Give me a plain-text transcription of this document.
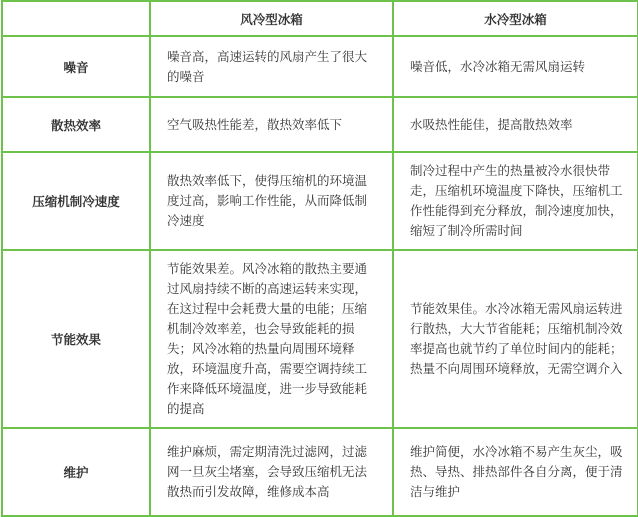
	风冷型冰箱	水冷型冰箱
噪音	噪音高，高速运转的风扇产生了很大的噪音	噪音低，水冷冰箱无需风扇运转
散热效率	空气吸热性能差，散热效率低下	水吸热性能佳，提高散热效率
压缩机制冷速度	散热效率低下，使得压缩机的环境温度过高，影响工作性能，从而降低制冷速度	制冷过程中产生的热量被冷水很快带走，压缩机环境温度下降快，压缩机工作性能得到充分释放，制冷速度加快，缩短了制冷所需时间
节能效果	节能效果差。风冷冰箱的散热主要通过风扇持续不断的高速运转来实现，在这过程中会耗费大量的电能；压缩机制冷效率差，也会导致能耗的损失；风冷冰箱的热量向周围环境释放，环境温度升高，需要空调持续工作来降低环境温度，进一步导致能耗的提高	节能效果佳。水冷冰箱无需风扇运转进行散热，大大节省能耗；压缩机制冷效率提高也就节约了单位时间内的能耗；热量不向周围环境释放，无需空调介入
维护	维护麻烦，需定期清洗过滤网，过滤网一旦灰尘堵塞，会导致压缩机无法散热而引发故障，维修成本高	维护简便，水冷冰箱不易产生灰尘，吸热、导热、排热部件各自分离，便于清洁与维护
